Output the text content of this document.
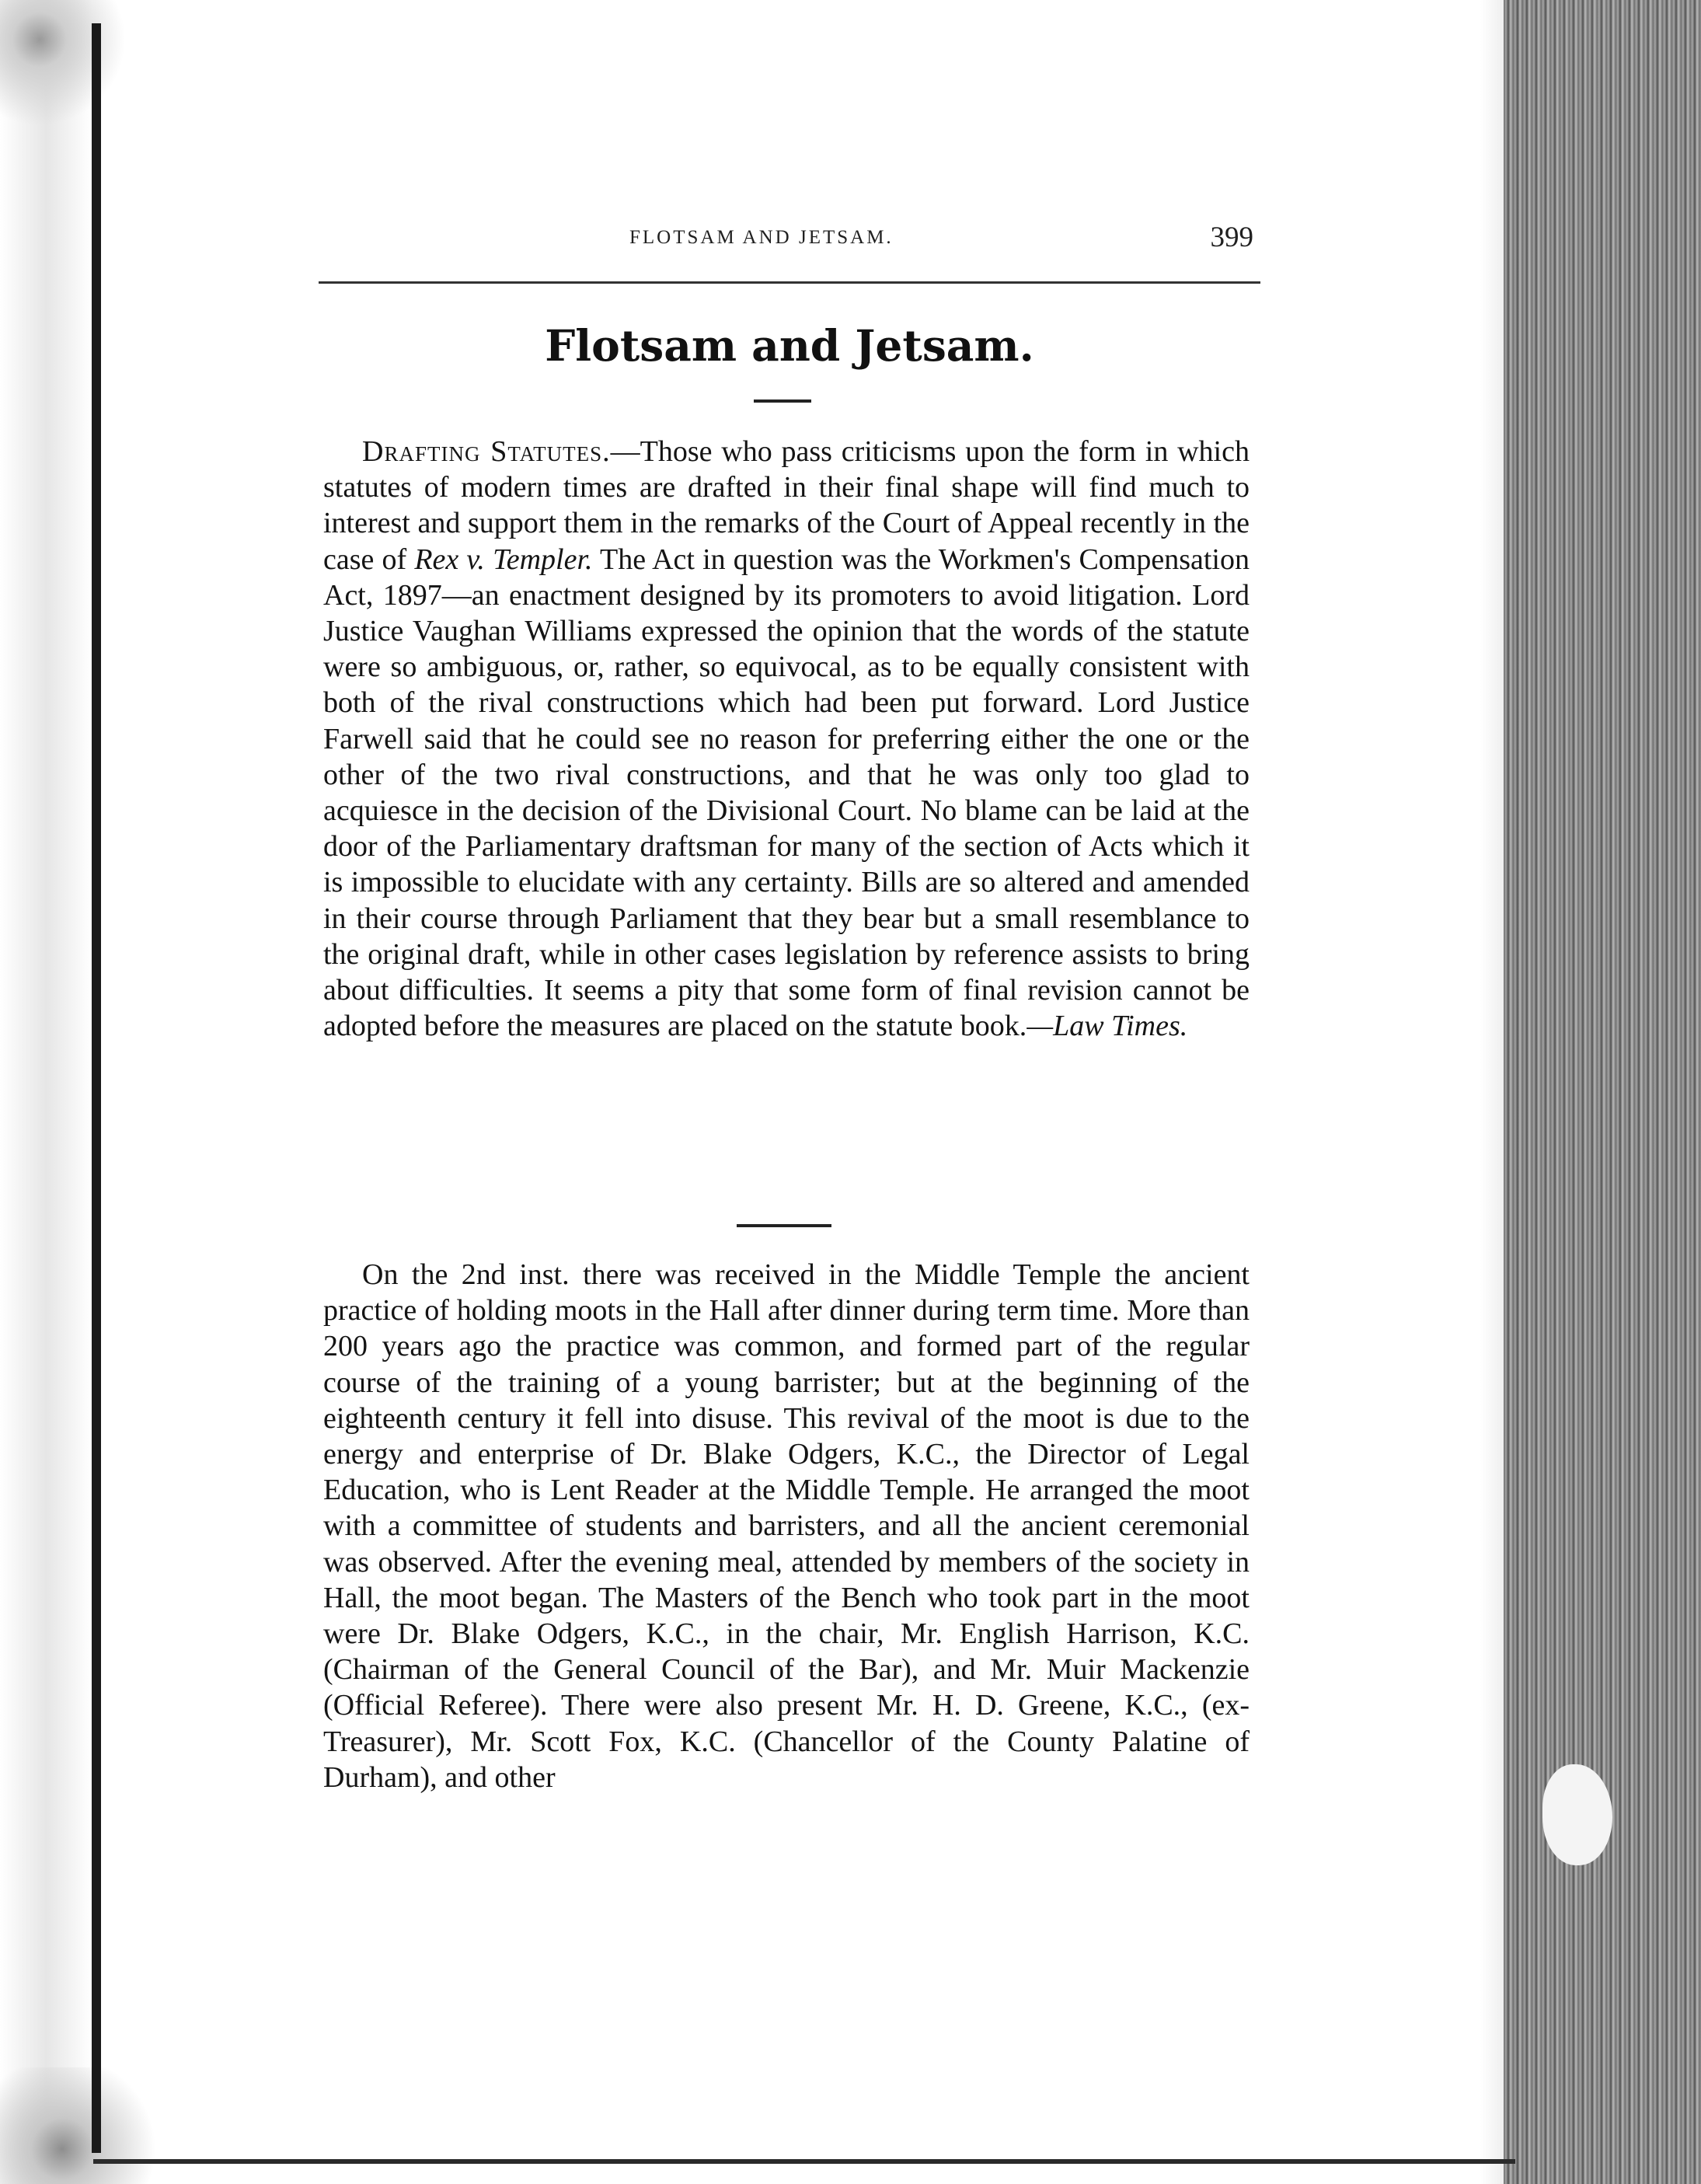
FLOTSAM AND JETSAM.	399
Flotsam and Jetsam.

Drafting Statutes.—Those who pass criticisms upon the form in which statutes of modern times are drafted in their final shape will find much to interest and support them in the remarks of the Court of Appeal recently in the case of Rex v. Templer. The Act in question was the Workmen's Compensation Act, 1897—an enactment designed by its promoters to avoid litigation. Lord Justice Vaughan Williams expressed the opinion that the words of the statute were so ambiguous, or, rather, so equivocal, as to be equally consistent with both of the rival constructions which had been put forward. Lord Justice Farwell said that he could see no reason for preferring either the one or the other of the two rival constructions, and that he was only too glad to acquiesce in the decision of the Divisional Court. No blame can be laid at the door of the Parliamentary draftsman for many of the section of Acts which it is impossible to elucidate with any certainty. Bills are so altered and amended in their course through Parliament that they bear but a small resemblance to the original draft, while in other cases legislation by reference assists to bring about difficulties. It seems a pity that some form of final revision cannot be adopted before the measures are placed on the statute book.—Law Times.

On the 2nd inst. there was received in the Middle Temple the ancient practice of holding moots in the Hall after dinner during term time. More than 200 years ago the practice was common, and formed part of the regular course of the training of a young barrister; but at the beginning of the eighteenth century it fell into disuse. This revival of the moot is due to the energy and enterprise of Dr. Blake Odgers, K.C., the Director of Legal Education, who is Lent Reader at the Middle Temple. He arranged the moot with a committee of students and barristers, and all the ancient ceremonial was observed. After the evening meal, attended by members of the society in Hall, the moot began. The Masters of the Bench who took part in the moot were Dr. Blake Odgers, K.C., in the chair, Mr. English Harrison, K.C. (Chairman of the General Council of the Bar), and Mr. Muir Mackenzie (Official Referee). There were also present Mr. H. D. Greene, K.C., (ex-Treasurer), Mr. Scott Fox, K.C. (Chancellor of the County Palatine of Durham), and other
